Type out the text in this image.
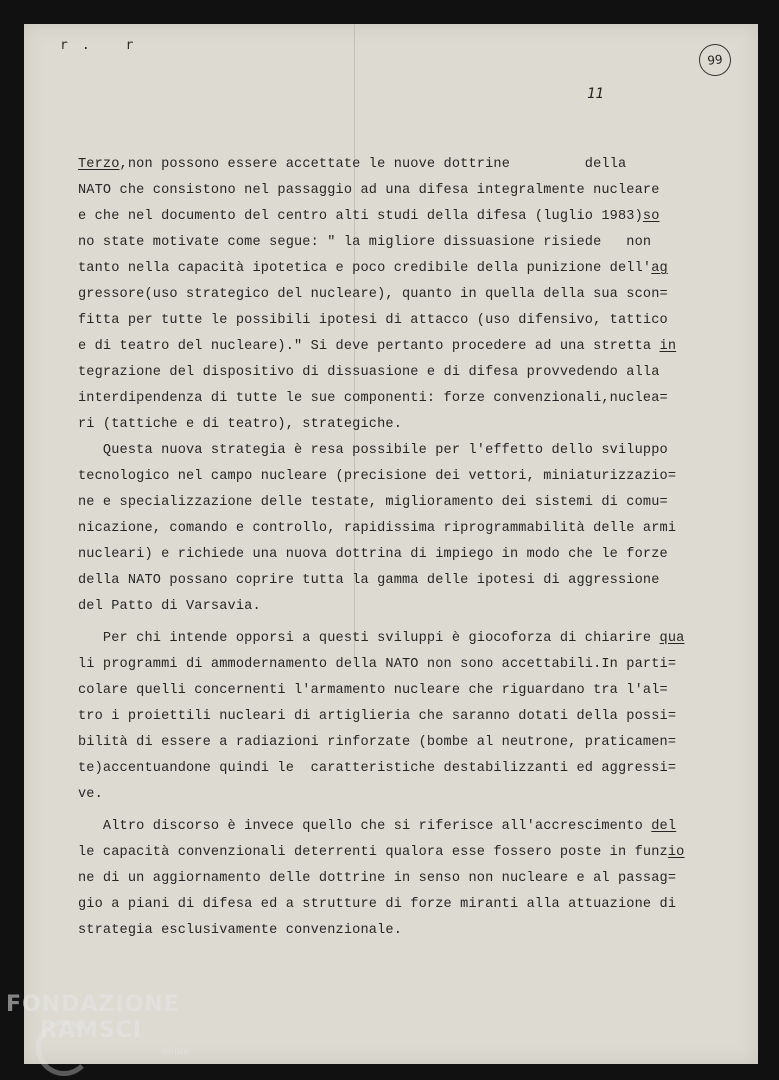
r. r
99
11
Terzo,non possono essere accettate le nuove dottrine         della
NATO che consistono nel passaggio ad una difesa integralmente nucleare
e che nel documento del centro alti studi della difesa (luglio 1983)so
no state motivate come segue: " la migliore dissuasione risiede   non
tanto nella capacità ipotetica e poco credibile della punizione dell'ag
gressore(uso strategico del nucleare), quanto in quella della sua scon=
fitta per tutte le possibili ipotesi di attacco (uso difensivo, tattico
e di teatro del nucleare)." Si deve pertanto procedere ad una stretta in
tegrazione del dispositivo di dissuasione e di difesa provvedendo alla
interdipendenza di tutte le sue componenti: forze convenzionali,nuclea=
ri (tattiche e di teatro), strategiche.
Questa nuova strategia è resa possibile per l'effetto dello sviluppo
tecnologico nel campo nucleare (precisione dei vettori, miniaturizzazio=
ne e specializzazione delle testate, miglioramento dei sistemi di comu=
nicazione, comando e controllo, rapidissima riprogrammabilità delle armi
nucleari) e richiede una nuova dottrina di impiego in modo che le forze
della NATO possano coprire tutta la gamma delle ipotesi di aggressione
del Patto di Varsavia.
Per chi intende opporsi a questi sviluppi è giocoforza di chiarire qua
li programmi di ammodernamento della NATO non sono accettabili.In parti=
colare quelli concernenti l'armamento nucleare che riguardano tra l'al=
tro i proiettili nucleari di artiglieria che saranno dotati della possi=
bilità di essere a radiazioni rinforzate (bombe al neutrone, praticamen=
te)accentuandone quindi le  caratteristiche destabilizzanti ed aggressi=
ve.
Altro discorso è invece quello che si riferisce all'accrescimento del
le capacità convenzionali deterrenti qualora esse fossero poste in funzio
ne di un aggiornamento delle dottrine in senso non nucleare e al passag=
gio a piani di difesa ed a strutture di forze miranti alla attuazione di
strategia esclusivamente convenzionale.
FONDAZIONE
RAMSCI
onlus
